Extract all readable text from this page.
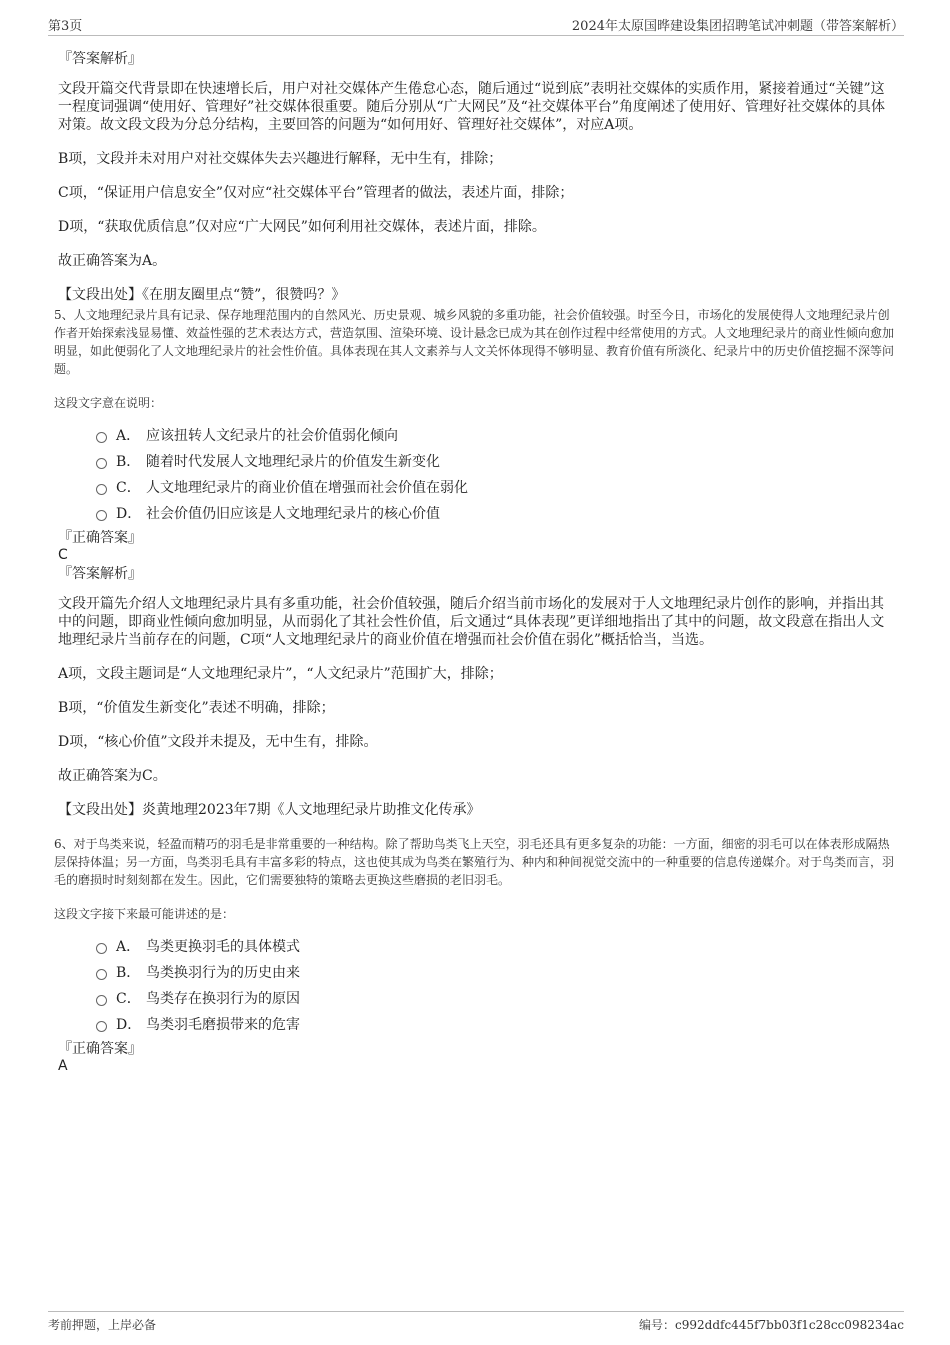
第3页	2024年太原国晔建设集团招聘笔试冲刺题（带答案解析）
『答案解析』
文段开篇交代背景即在快速增长后，用户对社交媒体产生倦怠心态，随后通过“说到底”表明社交媒体的实质作用，紧接着通过“关键”这一程度词强调“使用好、管理好”社交媒体很重要。随后分别从“广大网民”及“社交媒体平台”角度阐述了使用好、管理好社交媒体的具体对策。故文段文段为分总分结构，主要回答的问题为“如何用好、管理好社交媒体”，对应A项。
B项，文段并未对用户对社交媒体失去兴趣进行解释，无中生有，排除；
C项，“保证用户信息安全”仅对应“社交媒体平台”管理者的做法，表述片面，排除；
D项，“获取优质信息”仅对应“广大网民”如何利用社交媒体，表述片面，排除。
故正确答案为A。
【文段出处】《在朋友圈里点“赞”，很赞吗？》
5、人文地理纪录片具有记录、保存地理范围内的自然风光、历史景观、城乡风貌的多重功能，社会价值较强。时至今日，市场化的发展使得人文地理纪录片创作者开始探索浅显易懂、效益性强的艺术表达方式，营造氛围、渲染环境、设计悬念已成为其在创作过程中经常使用的方式。人文地理纪录片的商业性倾向愈加明显，如此便弱化了人文地理纪录片的社会性价值。具体表现在其人文素养与人文关怀体现得不够明显、教育价值有所淡化、纪录片中的历史价值挖掘不深等问题。
这段文字意在说明：
A． 应该扭转人文纪录片的社会价值弱化倾向
B． 随着时代发展人文地理纪录片的价值发生新变化
C． 人文地理纪录片的商业价值在增强而社会价值在弱化
D． 社会价值仍旧应该是人文地理纪录片的核心价值
『正确答案』
C
『答案解析』
文段开篇先介绍人文地理纪录片具有多重功能，社会价值较强，随后介绍当前市场化的发展对于人文地理纪录片创作的影响，并指出其中的问题，即商业性倾向愈加明显，从而弱化了其社会性价值，后文通过“具体表现”更详细地指出了其中的问题，故文段意在指出人文地理纪录片当前存在的问题，C项“人文地理纪录片的商业价值在增强而社会价值在弱化”概括恰当，当选。
A项，文段主题词是“人文地理纪录片”，“人文纪录片”范围扩大，排除；
B项，“价值发生新变化”表述不明确，排除；
D项，“核心价值”文段并未提及，无中生有，排除。
故正确答案为C。
【文段出处】炎黄地理2023年7期《人文地理纪录片助推文化传承》
6、对于鸟类来说，轻盈而精巧的羽毛是非常重要的一种结构。除了帮助鸟类飞上天空，羽毛还具有更多复杂的功能：一方面，细密的羽毛可以在体表形成隔热层保持体温；另一方面，鸟类羽毛具有丰富多彩的特点，这也使其成为鸟类在繁殖行为、种内和种间视觉交流中的一种重要的信息传递媒介。对于鸟类而言，羽毛的磨损时时刻刻都在发生。因此，它们需要独特的策略去更换这些磨损的老旧羽毛。
这段文字接下来最可能讲述的是：
A． 鸟类更换羽毛的具体模式
B． 鸟类换羽行为的历史由来
C． 鸟类存在换羽行为的原因
D． 鸟类羽毛磨损带来的危害
『正确答案』
A
考前押题，上岸必备	编号：c992ddfc445f7bb03f1c28cc098234ac
